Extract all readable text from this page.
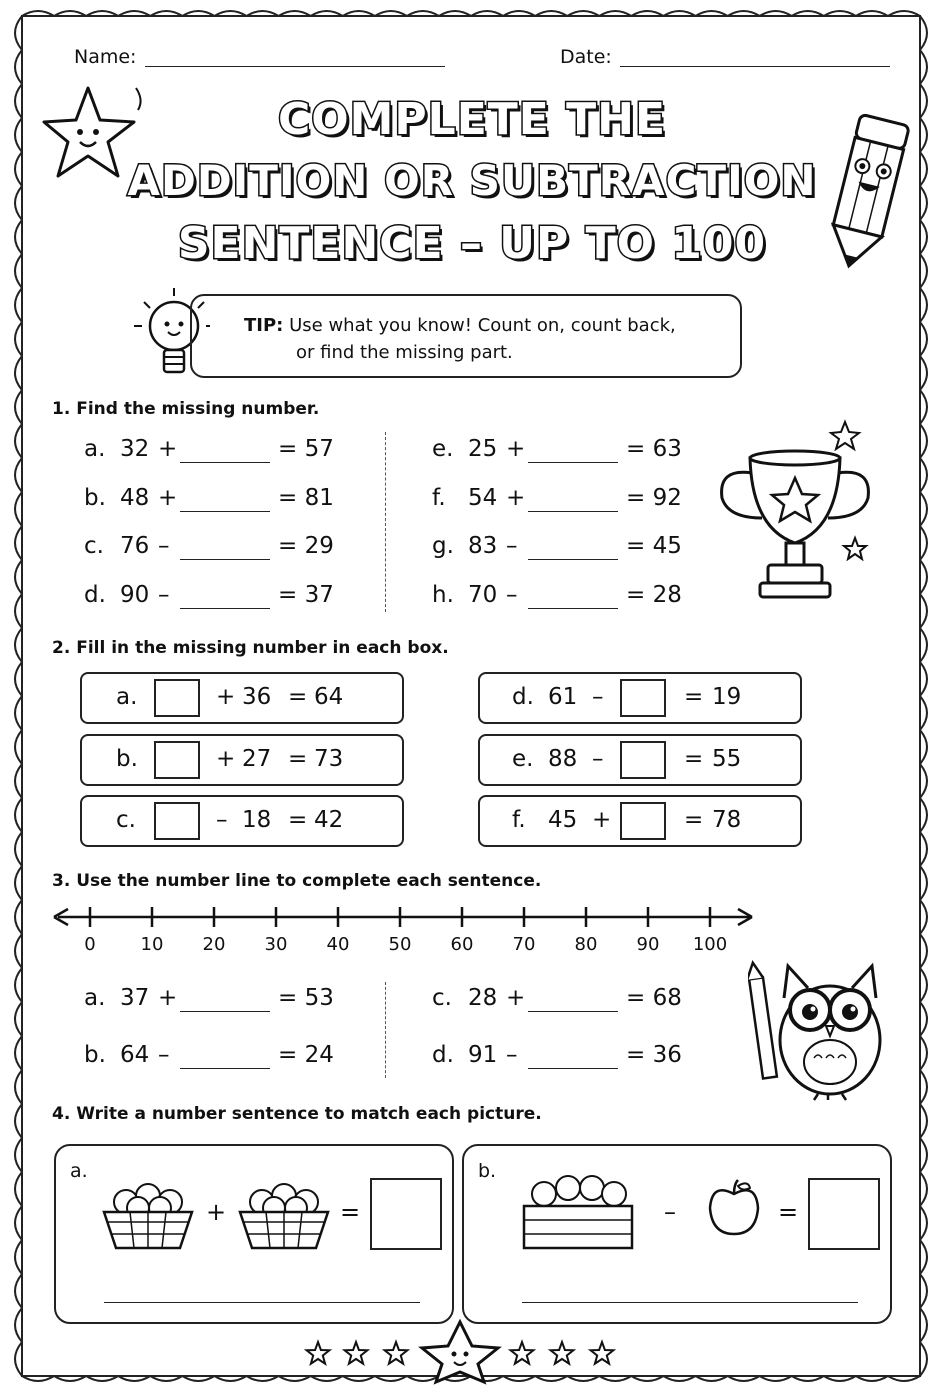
Name:	Date:
COMPLETE THE
ADDITION OR SUBTRACTION
SENTENCE – UP TO 100
TIP: Use what you know! Count on, count back,
or find the missing part.
1. Find the missing number.
a. 32 +	= 57
b. 48 +	= 81
c. 76 –	= 29
d. 90 –	= 37
e. 25 +	= 63
f. 54 +	= 92
g. 83 –	= 45
h. 70 –	= 28
2. Fill in the missing number in each box.
a.	+ 36 = 64
b.	+ 27 = 73
c.	– 18 = 42
d. 61 –	= 19
e. 88 –	= 55
f. 45 +	= 78
3. Use the number line to complete each sentence.
0	10	20	30	40	50	60	70	80	90	100
a. 37 +	= 53
b. 64 –	= 24
c. 28 +	= 68
d. 91 –	= 36
4. Write a number sentence to match each picture.
a.
+	=
b.
–	=
